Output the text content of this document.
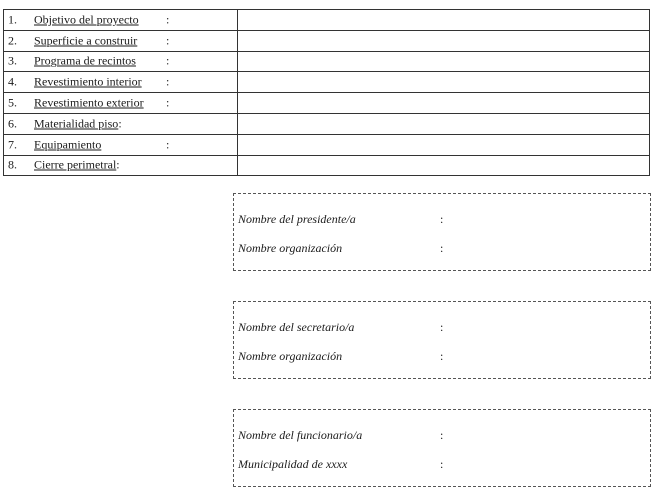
1. Objetivo del proyecto :	

2. Superficie a construir :	

3. Programa de recintos :	

4. Revestimiento interior :	

5. Revestimiento exterior :	

6. Materialidad piso:	

7. Equipamiento :	

8. Cierre perimetral:	

Nombre del presidente/a	:
Nombre organización	:
Nombre del secretario/a	:
Nombre organización	:
Nombre del funcionario/a	:
Municipalidad de xxxx	:
